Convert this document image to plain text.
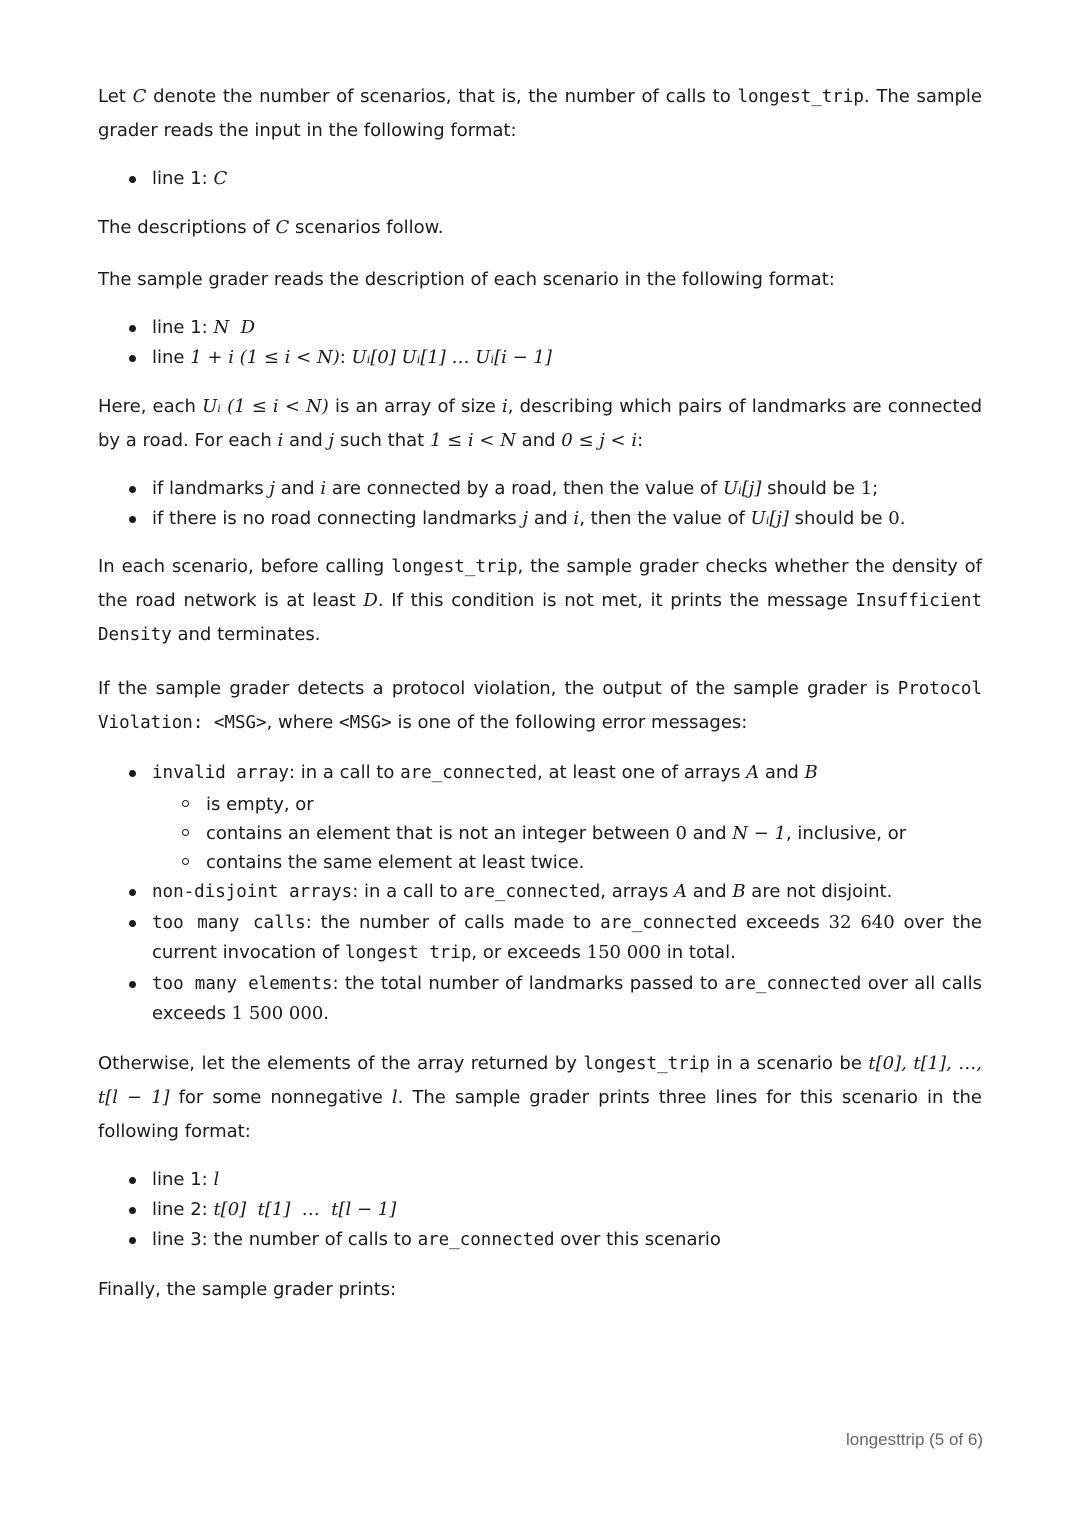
Let C denote the number of scenarios, that is, the number of calls to longest_trip. The sample grader reads the input in the following format:

line 1: C

The descriptions of C scenarios follow.

The sample grader reads the description of each scenario in the following format:

line 1: N  D
line 1 + i (1 ≤ i < N): Uᵢ[0] Uᵢ[1] … Uᵢ[i − 1]

Here, each Uᵢ (1 ≤ i < N) is an array of size i, describing which pairs of landmarks are connected by a road. For each i and j such that 1 ≤ i < N and 0 ≤ j < i:

if landmarks j and i are connected by a road, then the value of Uᵢ[j] should be 1;
if there is no road connecting landmarks j and i, then the value of Uᵢ[j] should be 0.

In each scenario, before calling longest_trip, the sample grader checks whether the density of the road network is at least D. If this condition is not met, it prints the message Insufficient Density and terminates.

If the sample grader detects a protocol violation, the output of the sample grader is Protocol Violation: <MSG>, where <MSG> is one of the following error messages:

invalid array: in a call to are_connected, at least one of arrays A and B
is empty, or
contains an element that is not an integer between 0 and N − 1, inclusive, or
contains the same element at least twice.
non-disjoint arrays: in a call to are_connected, arrays A and B are not disjoint.
too many calls: the number of calls made to are_connected exceeds 32 640 over the current invocation of longest trip, or exceeds 150 000 in total.
too many elements: the total number of landmarks passed to are_connected over all calls exceeds 1 500 000.

Otherwise, let the elements of the array returned by longest_trip in a scenario be t[0], t[1], …, t[l − 1] for some nonnegative l. The sample grader prints three lines for this scenario in the following format:

line 1: l
line 2: t[0]  t[1]  …  t[l − 1]
line 3: the number of calls to are_connected over this scenario

Finally, the sample grader prints:

longesttrip (5 of 6)
